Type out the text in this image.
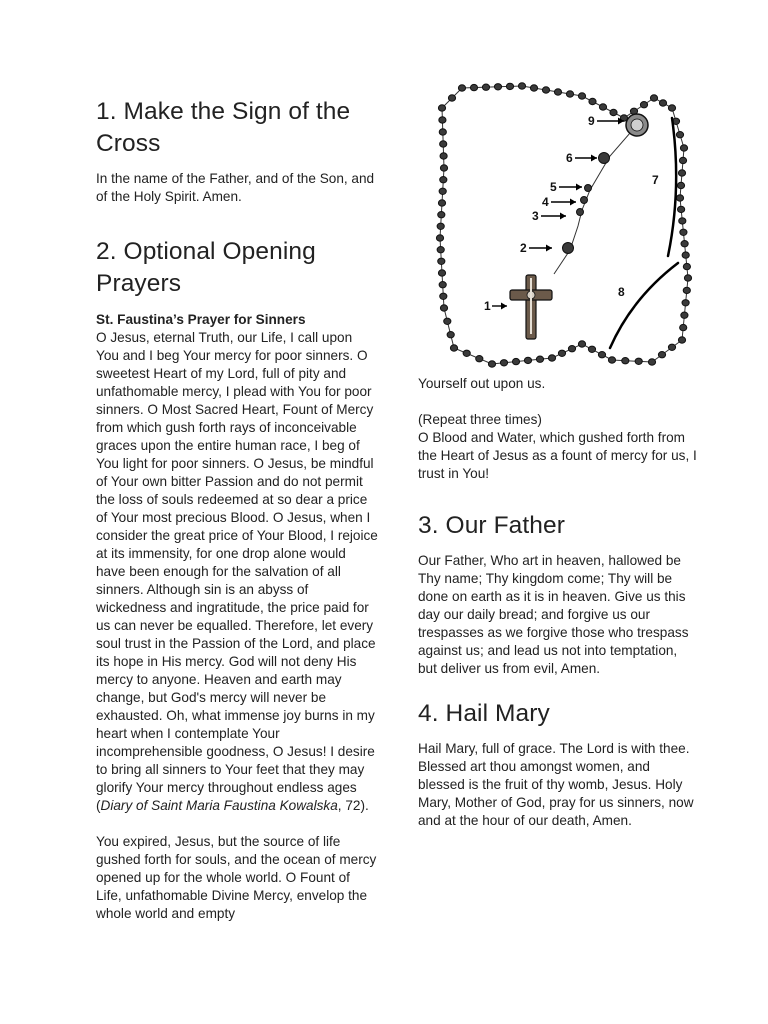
1. Make the Sign of the Cross

In the name of the Father, and of the Son, and of the Holy Spirit. Amen.

2. Optional Opening Prayers

St. Faustina’s Prayer for Sinners
O Jesus, eternal Truth, our Life, I call upon You and I beg Your mercy for poor sinners. O sweetest Heart of my Lord, full of pity and unfathomable mercy, I plead with You for poor sinners. O Most Sacred Heart, Fount of Mercy from which gush forth rays of inconceivable graces upon the entire human race, I beg of You light for poor sinners. O Jesus, be mindful of Your own bitter Passion and do not permit the loss of souls redeemed at so dear a price of Your most precious Blood. O Jesus, when I consider the great price of Your Blood, I rejoice at its immensity, for one drop alone would have been enough for the salvation of all sinners. Although sin is an abyss of wickedness and ingratitude, the price paid for us can never be equalled. Therefore, let every soul trust in the Passion of the Lord, and place its hope in His mercy. God will not deny His mercy to anyone. Heaven and earth may change, but God's mercy will never be exhausted. Oh, what immense joy burns in my heart when I contemplate Your incomprehensible goodness, O Jesus! I desire to bring all sinners to Your feet that they may glorify Your mercy throughout endless ages (Diary of Saint Maria Faustina Kowalska, 72).

You expired, Jesus, but the source of life gushed forth for souls, and the ocean of mercy opened up for the whole world. O Fount of Life, unfathomable Divine Mercy, envelop the whole world and empty

1
2
3
4
5
6
7
8
9

Yourself out upon us.

(Repeat three times)

O Blood and Water, which gushed forth from the Heart of Jesus as a fount of mercy for us, I trust in You!

3. Our Father

Our Father, Who art in heaven, hallowed be Thy name; Thy kingdom come; Thy will be done on earth as it is in heaven. Give us this day our daily bread; and forgive us our trespasses as we forgive those who trespass against us; and lead us not into temptation, but deliver us from evil, Amen.

4. Hail Mary

Hail Mary, full of grace. The Lord is with thee. Blessed art thou amongst women, and blessed is the fruit of thy womb, Jesus. Holy Mary, Mother of God, pray for us sinners, now and at the hour of our death, Amen.
